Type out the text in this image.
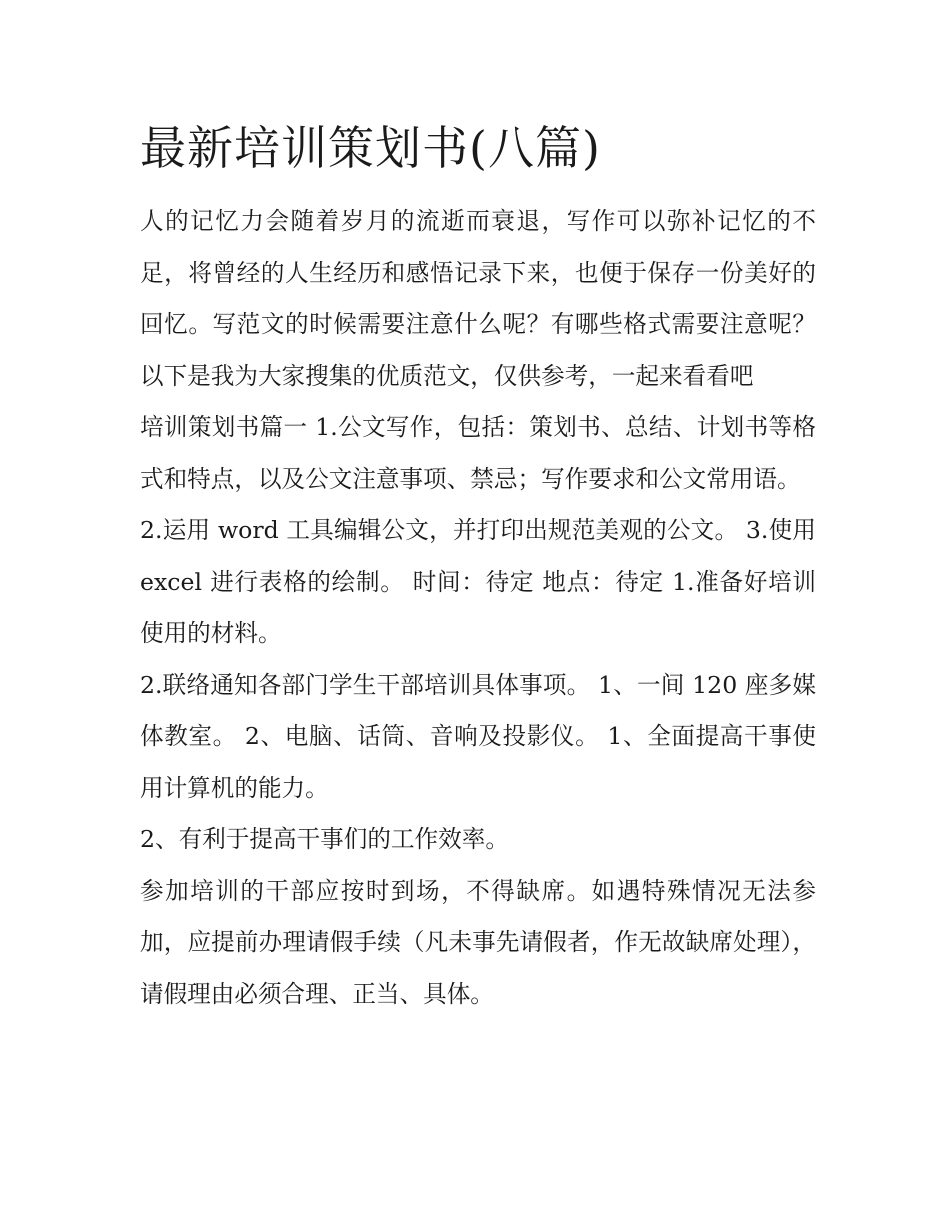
最新培训策划书(八篇)

人的记忆力会随着岁月的流逝而衰退，写作可以弥补记忆的不足，将曾经的人生经历和感悟记录下来，也便于保存一份美好的回忆。写范文的时候需要注意什么呢？有哪些格式需要注意呢？以下是我为大家搜集的优质范文，仅供参考，一起来看看吧

培训策划书篇一 1.公文写作，包括：策划书、总结、计划书等格式和特点，以及公文注意事项、禁忌；写作要求和公文常用语。

2.运用 word 工具编辑公文，并打印出规范美观的公文。 3.使用 excel 进行表格的绘制。 时间：待定 地点：待定 1.准备好培训使用的材料。

2.联络通知各部门学生干部培训具体事项。 1、一间 120 座多媒体教室。 2、电脑、话筒、音响及投影仪。 1、全面提高干事使用计算机的能力。

2、有利于提高干事们的工作效率。

参加培训的干部应按时到场，不得缺席。如遇特殊情况无法参加，应提前办理请假手续（凡未事先请假者，作无故缺席处理），请假理由必须合理、正当、具体。
